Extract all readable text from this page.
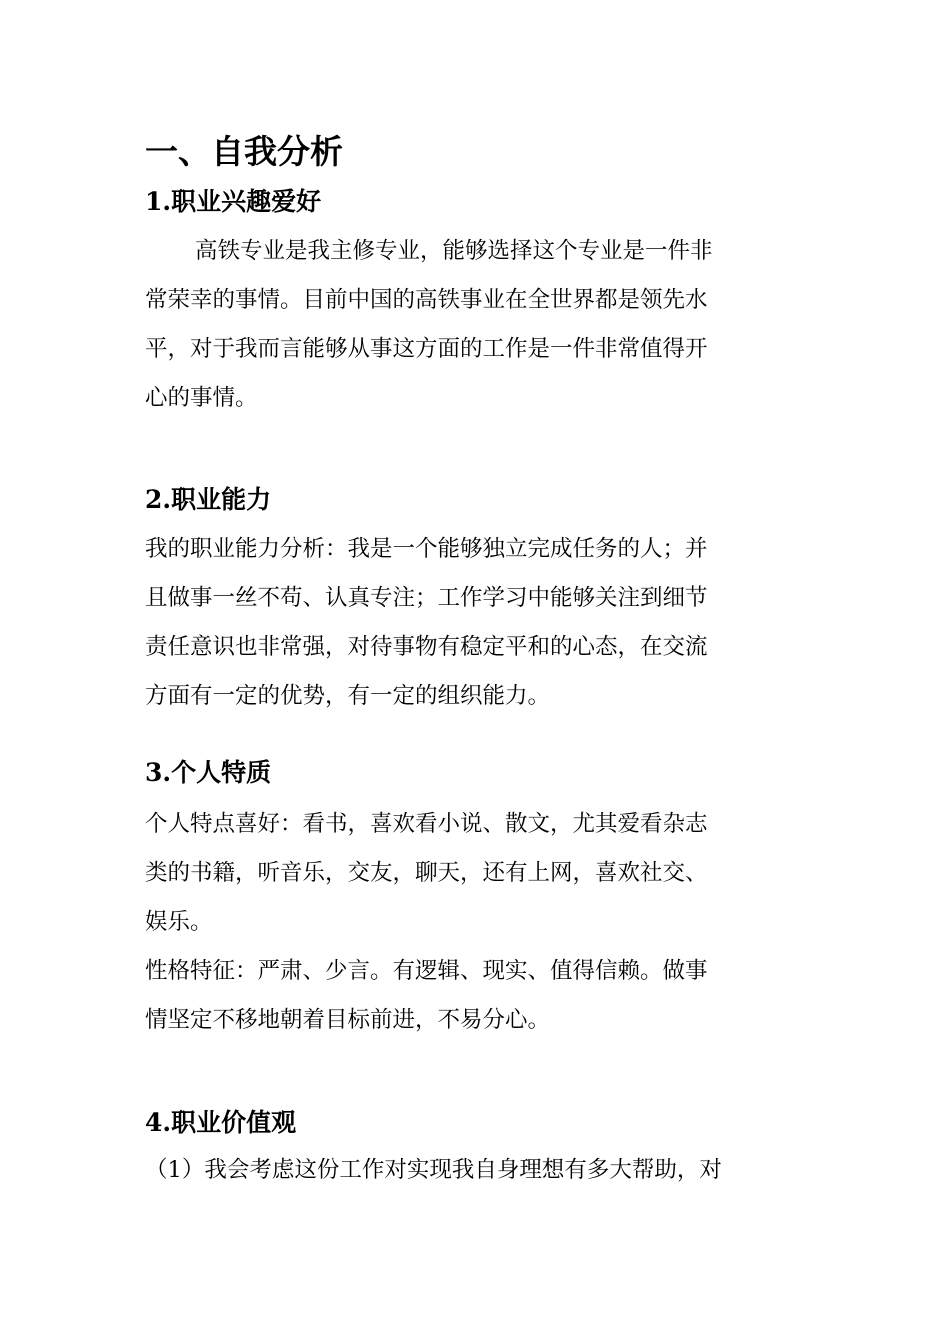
一、自我分析
1.职业兴趣爱好
高铁专业是我主修专业，能够选择这个专业是一件非
常荣幸的事情。目前中国的高铁事业在全世界都是领先水
平，对于我而言能够从事这方面的工作是一件非常值得开
心的事情。
2.职业能力
我的职业能力分析：我是一个能够独立完成任务的人；并
且做事一丝不苟、认真专注；工作学习中能够关注到细节
责任意识也非常强，对待事物有稳定平和的心态，在交流
方面有一定的优势，有一定的组织能力。
3.个人特质
个人特点喜好：看书，喜欢看小说、散文，尤其爱看杂志
类的书籍，听音乐，交友，聊天，还有上网，喜欢社交、
娱乐。
性格特征：严肃、少言。有逻辑、现实、值得信赖。做事
情坚定不移地朝着目标前进，不易分心。
4.职业价值观
（1）我会考虑这份工作对实现我自身理想有多大帮助，对
